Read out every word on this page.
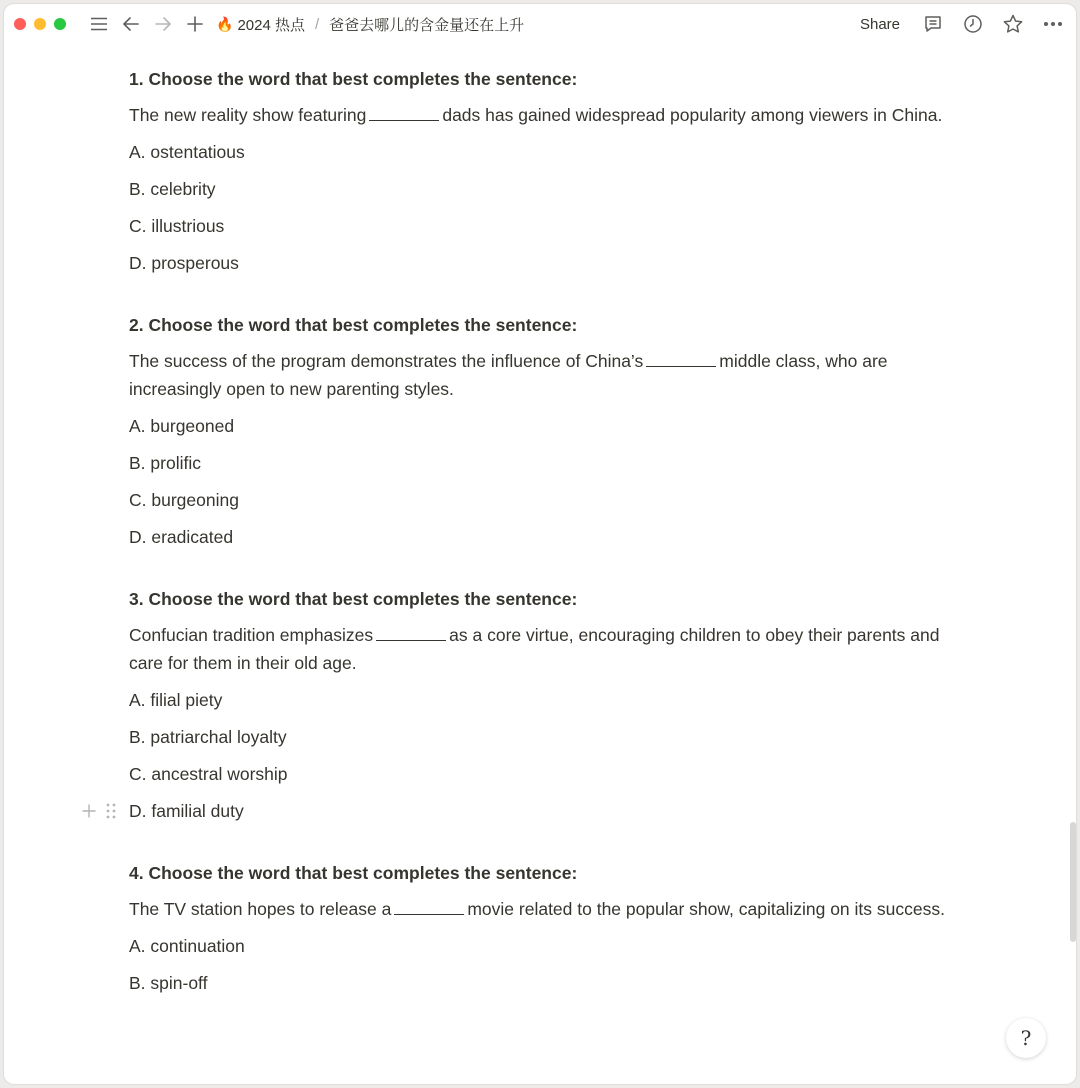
🔥 2024 热点 / 爸爸去哪儿的含金量还在上升	Share
1. Choose the word that best completes the sentence:
The new reality show featuring	dads has gained widespread popularity among viewers in China.
A. ostentatious
B. celebrity
C. illustrious
D. prosperous
2. Choose the word that best completes the sentence:
The success of the program demonstrates the influence of China’s	middle class, who are increasingly open to new parenting styles.
A. burgeoned
B. prolific
C. burgeoning
D. eradicated
3. Choose the word that best completes the sentence:
Confucian tradition emphasizes	as a core virtue, encouraging children to obey their parents and care for them in their old age.
A. filial piety
B. patriarchal loyalty
C. ancestral worship
D. familial duty
4. Choose the word that best completes the sentence:
The TV station hopes to release a	movie related to the popular show, capitalizing on its success.
A. continuation
B. spin-off
?
